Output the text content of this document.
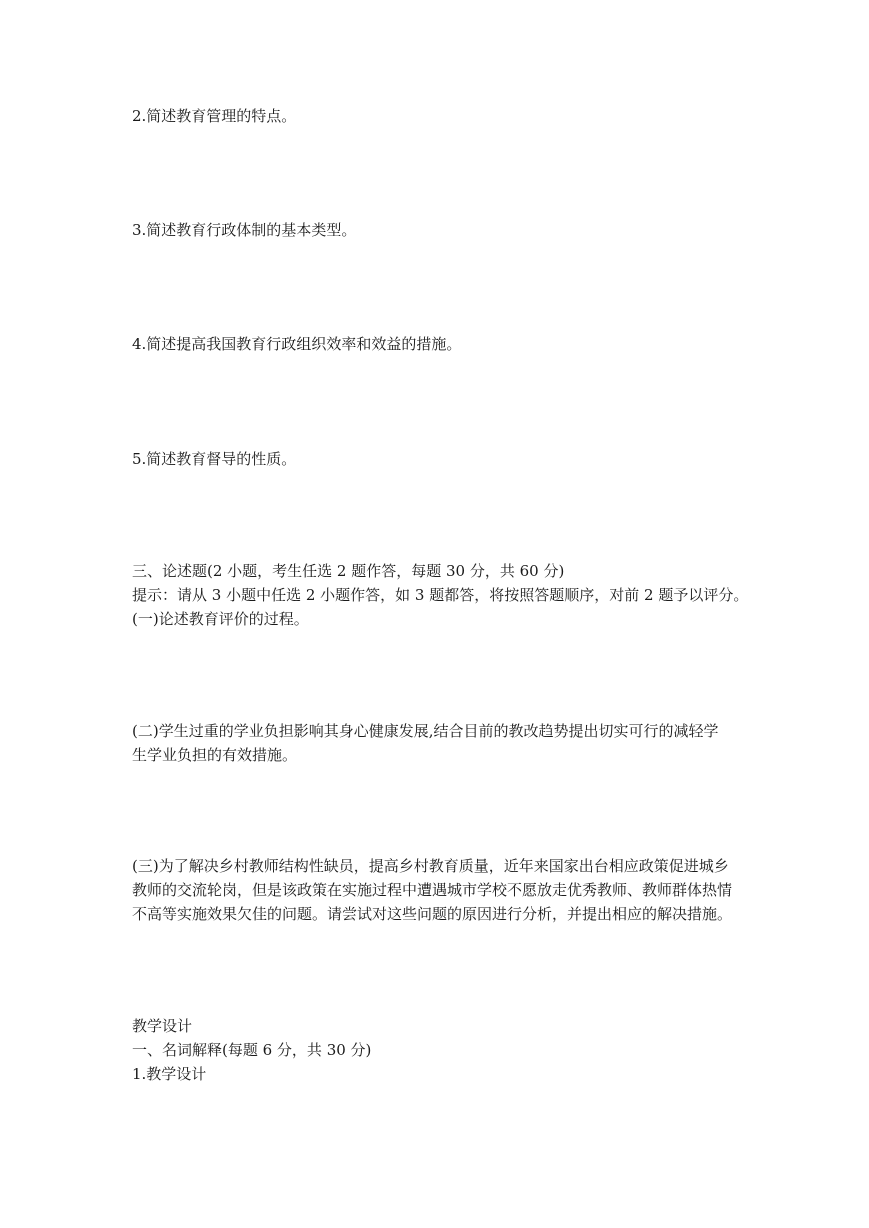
2.简述教育管理的特点。
3.简述教育行政体制的基本类型。
4.简述提高我国教育行政组织效率和效益的措施。
5.简述教育督导的性质。
三、论述题(2 小题，考生任选 2 题作答，每题 30 分，共 60 分)
提示：请从 3 小题中任选 2 小题作答，如 3 题都答，将按照答题顺序，对前 2 题予以评分。
(一)论述教育评价的过程。
(二)学生过重的学业负担影响其身心健康发展,结合目前的教改趋势提出切实可行的减轻学
生学业负担的有效措施。
(三)为了解决乡村教师结构性缺员，提高乡村教育质量，近年来国家出台相应政策促进城乡
教师的交流轮岗，但是该政策在实施过程中遭遇城市学校不愿放走优秀教师、教师群体热情
不高等实施效果欠佳的问题。请尝试对这些问题的原因进行分析，并提出相应的解决措施。
教学设计
一、名词解释(每题 6 分，共 30 分)
1.教学设计
